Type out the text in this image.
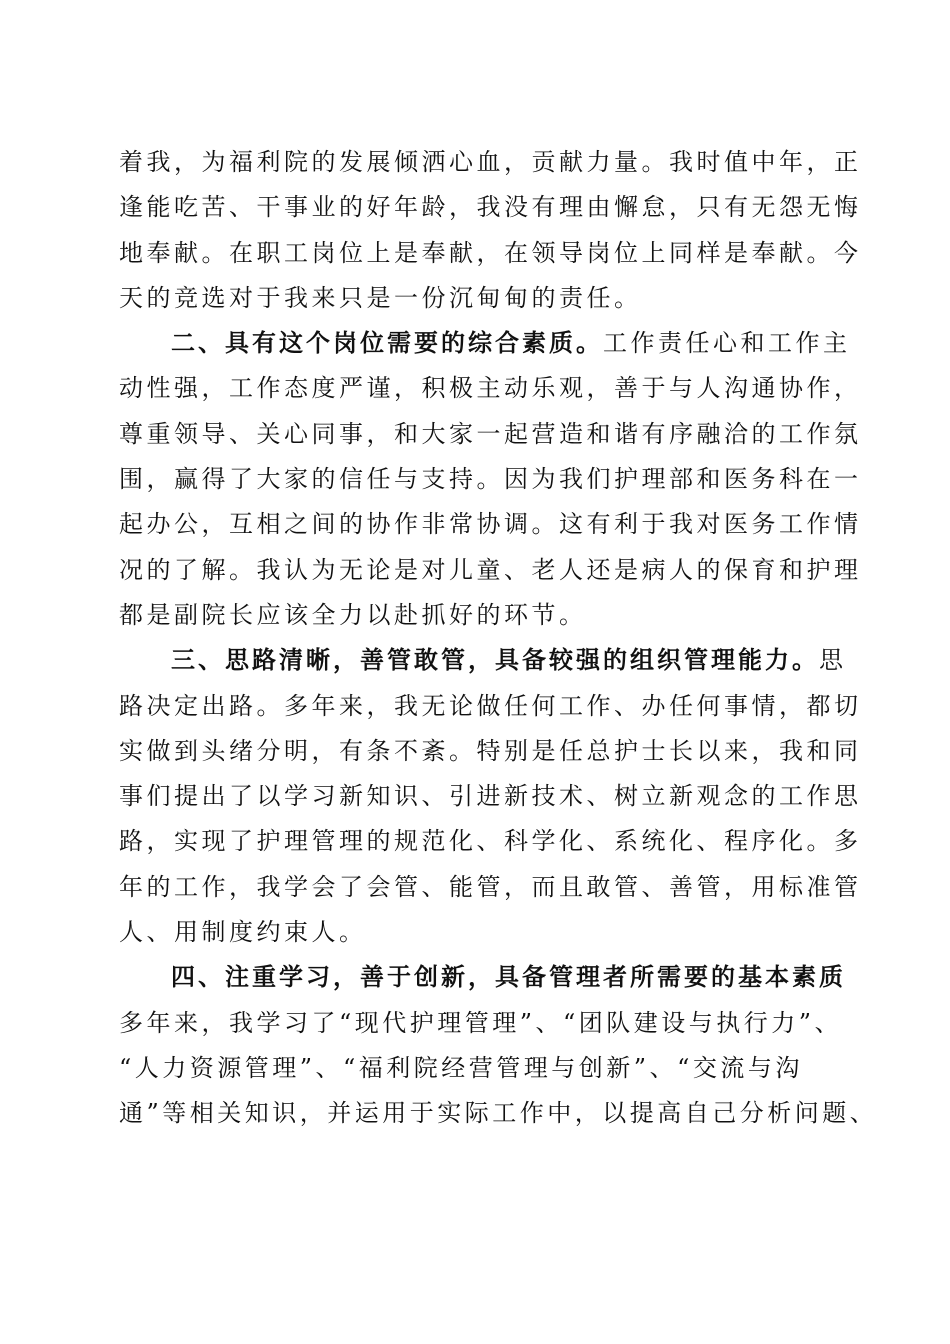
着我，为福利院的发展倾洒心血，贡献力量。我时值中年，正
逢能吃苦、干事业的好年龄，我没有理由懈怠，只有无怨无悔
地奉献。在职工岗位上是奉献，在领导岗位上同样是奉献。今
天的竞选对于我来只是一份沉甸甸的责任。
二、具有这个岗位需要的综合素质。工作责任心和工作主
动性强，工作态度严谨，积极主动乐观，善于与人沟通协作，
尊重领导、关心同事，和大家一起营造和谐有序融洽的工作氛
围，赢得了大家的信任与支持。因为我们护理部和医务科在一
起办公，互相之间的协作非常协调。这有利于我对医务工作情
况的了解。我认为无论是对儿童、老人还是病人的保育和护理
都是副院长应该全力以赴抓好的环节。
三、思路清晰，善管敢管，具备较强的组织管理能力。思
路决定出路。多年来，我无论做任何工作、办任何事情，都切
实做到头绪分明，有条不紊。特别是任总护士长以来，我和同
事们提出了以学习新知识、引进新技术、树立新观念的工作思
路，实现了护理管理的规范化、科学化、系统化、程序化。多
年的工作，我学会了会管、能管，而且敢管、善管，用标准管
人、用制度约束人。
四、注重学习，善于创新，具备管理者所需要的基本素质
多年来，我学习了“现代护理管理”、“团队建设与执行力”、
“人力资源管理”、“福利院经营管理与创新”、“交流与沟
通”等相关知识，并运用于实际工作中，以提高自己分析问题、
